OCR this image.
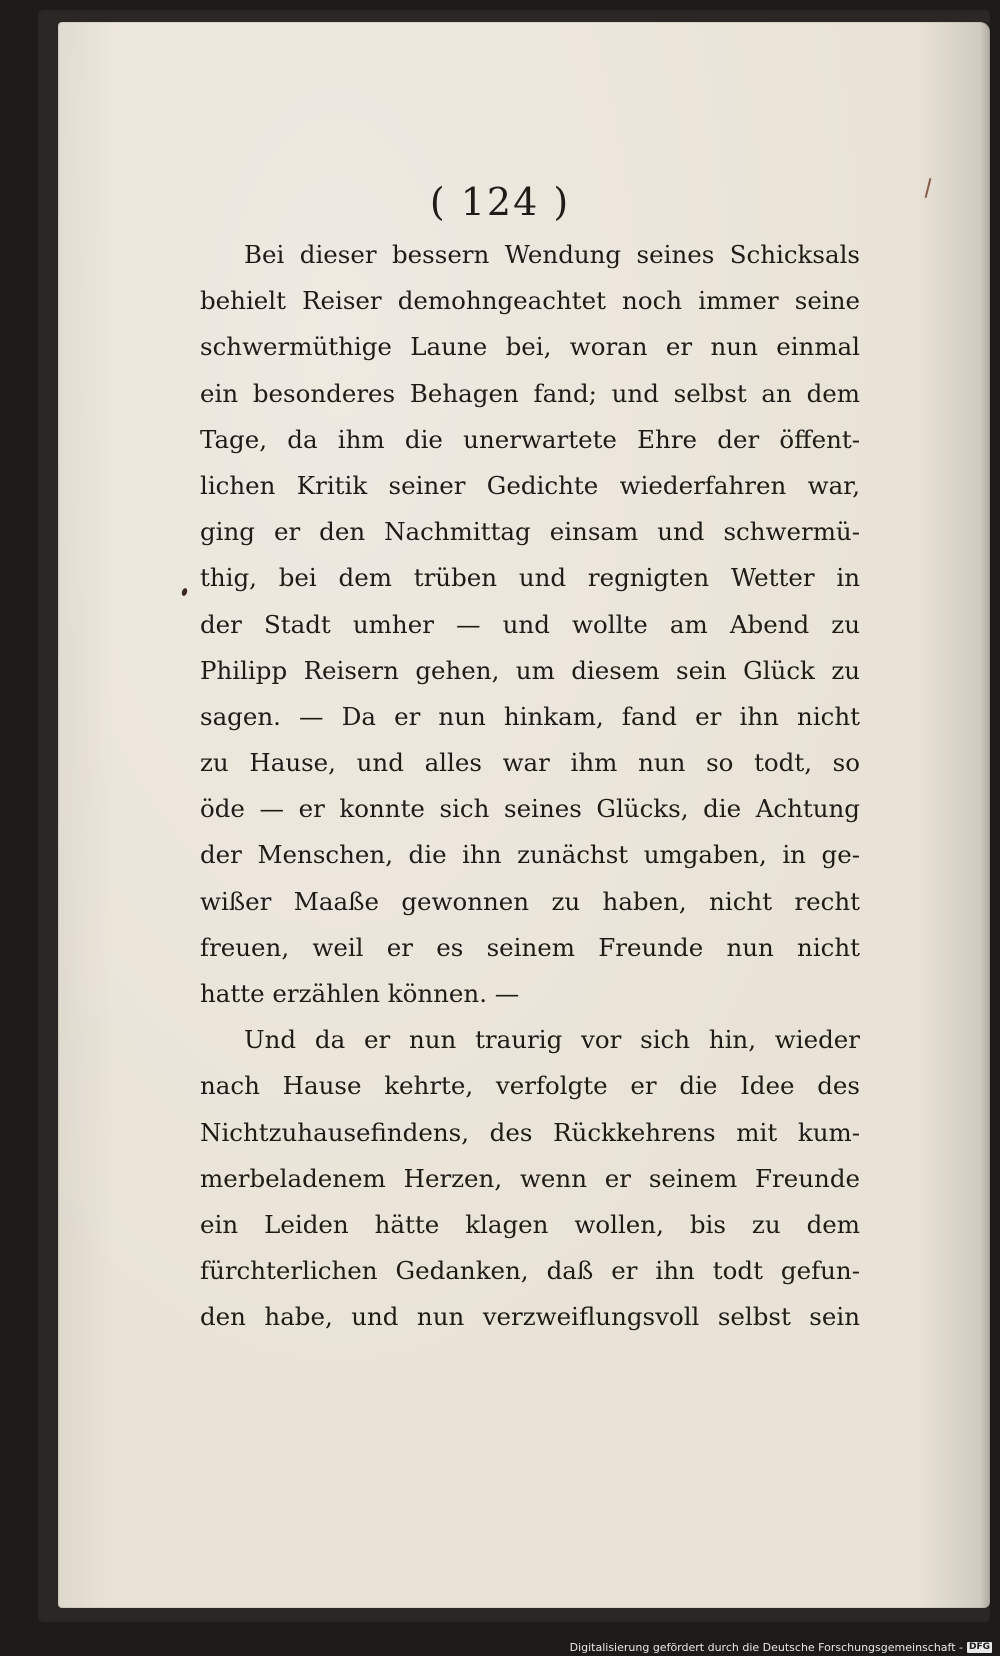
( 124 )
Bei dieser bessern Wendung seines Schicksals
behielt Reiser demohngeachtet noch immer seine
schwermüthige Laune bei, woran er nun einmal
ein besonderes Behagen fand; und selbst an dem
Tage, da ihm die unerwartete Ehre der öffent-
lichen Kritik seiner Gedichte wiederfahren war,
ging er den Nachmittag einsam und schwermü-
thig, bei dem trüben und regnigten Wetter in
der Stadt umher — und wollte am Abend zu
Philipp Reisern gehen, um diesem sein Glück zu
sagen. — Da er nun hinkam, fand er ihn nicht
zu Hause, und alles war ihm nun so todt, so
öde — er konnte sich seines Glücks, die Achtung
der Menschen, die ihn zunächst umgaben, in ge-
wißer Maaße gewonnen zu haben, nicht recht
freuen, weil er es seinem Freunde nun nicht
hatte erzählen können. —
Und da er nun traurig vor sich hin, wieder
nach Hause kehrte, verfolgte er die Idee des
Nichtzuhausefindens, des Rückkehrens mit kum-
merbeladenem Herzen, wenn er seinem Freunde
ein Leiden hätte klagen wollen, bis zu dem
fürchterlichen Gedanken, daß er ihn todt gefun-
den habe, und nun verzweiflungsvoll selbst sein
Digitalisierung gefördert durch die Deutsche Forschungsgemeinschaft - DFG
